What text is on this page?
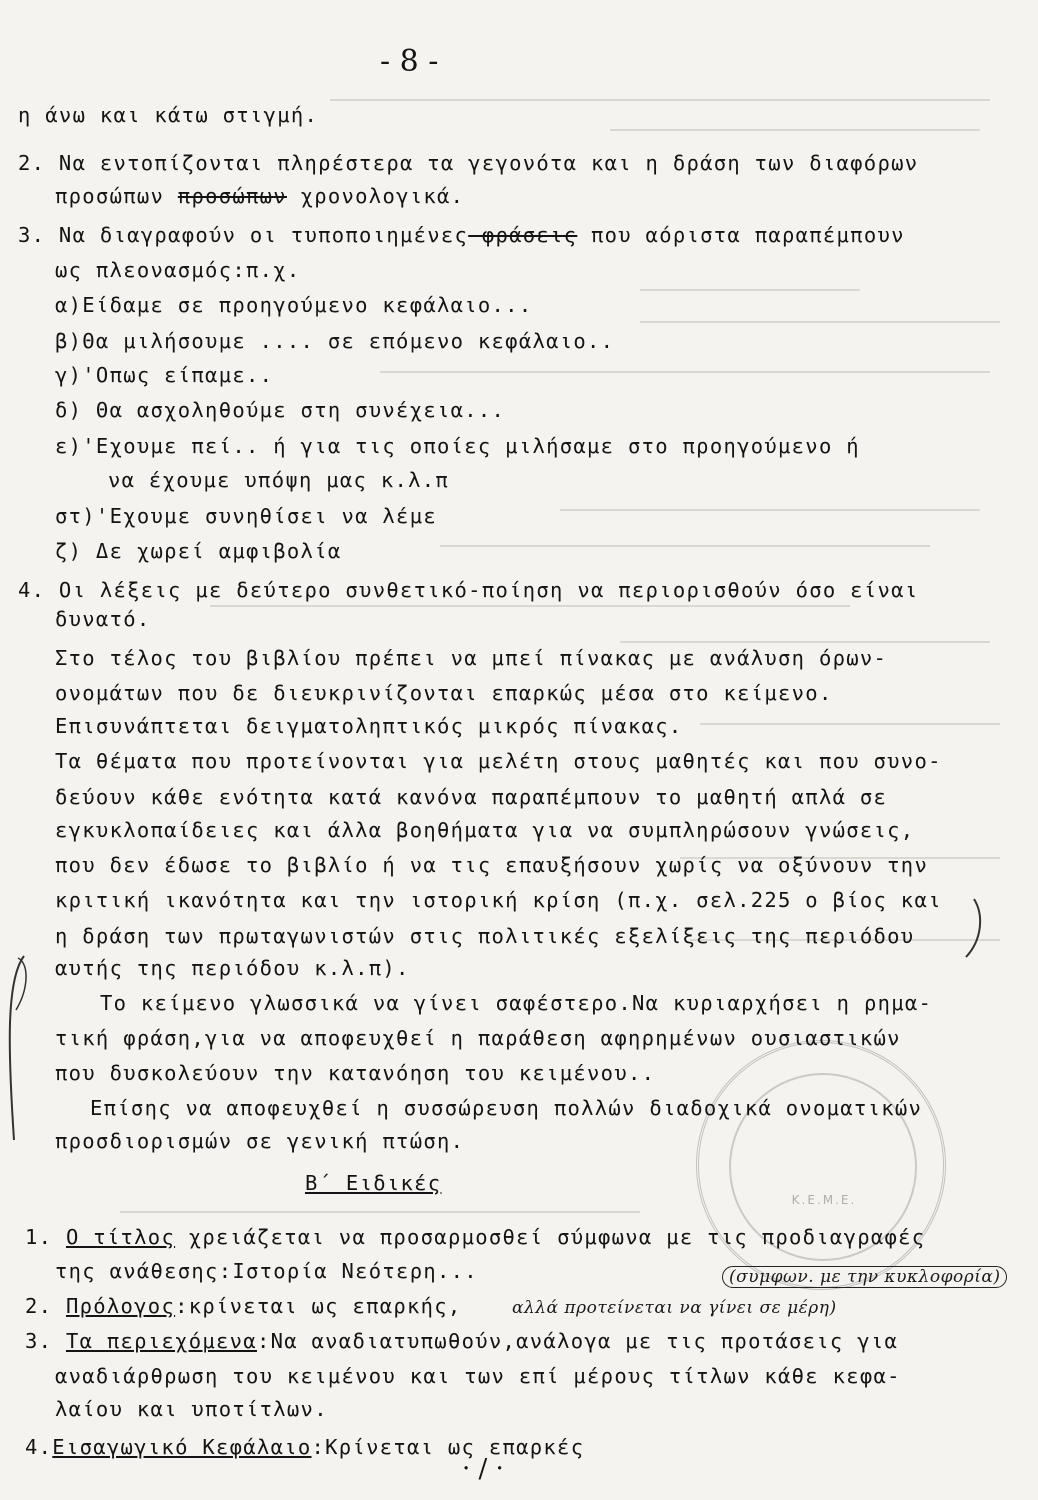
Κ.Ε.Μ.Ε.
- 8 -
η άνω και κάτω στιγμή.
2. Να εντοπίζονται πληρέστερα τα γεγονότα και η δράση των διαφόρων
προσώπων προσώπων χρονολογικά.
3. Να διαγραφούν οι τυποποιημένες-φράσεις που αόριστα παραπέμπουν
ως πλεονασμός:π.χ.
α)Είδαμε σε προηγούμενο κεφάλαιο...
β)Θα μιλήσουμε .... σε επόμενο κεφάλαιο..
γ)'Οπως είπαμε..
δ) Θα ασχοληθούμε στη συνέχεια...
ε)'Εχουμε πεί.. ή για τις οποίες μιλήσαμε στο προηγούμενο ή
να έχουμε υπόψη μας κ.λ.π
στ)'Εχουμε συνηθίσει να λέμε
ζ) Δε χωρεί αμφιβολία
4. Οι λέξεις με δεύτερο συνθετικό-ποίηση να περιορισθούν όσο είναι
δυνατό.
Στο τέλος του βιβλίου πρέπει να μπεί πίνακας με ανάλυση όρων-
ονομάτων που δε διευκρινίζονται επαρκώς μέσα στο κείμενο.
Επισυνάπτεται δειγματοληπτικός μικρός πίνακας.
Τα θέματα που προτείνονται για μελέτη στους μαθητές και που συνο-
δεύουν κάθε ενότητα κατά κανόνα παραπέμπουν το μαθητή απλά σε
εγκυκλοπαίδειες και άλλα βοηθήματα για να συμπληρώσουν γνώσεις,
που δεν έδωσε το βιβλίο ή να τις επαυξήσουν χωρίς να οξύνουν την
κριτική ικανότητα και την ιστορική κρίση (π.χ. σελ.225 ο βίος και
η δράση των πρωταγωνιστών στις πολιτικές εξελίξεις της περιόδου
αυτής της περιόδου κ.λ.π).
Το κείμενο γλωσσικά να γίνει σαφέστερο.Να κυριαρχήσει η ρημα-
τική φράση,για να αποφευχθεί η παράθεση αφηρημένων ουσιαστικών
που δυσκολεύουν την κατανόηση του κειμένου..
Επίσης να αποφευχθεί η συσσώρευση πολλών διαδοχικά ονοματικών
προσδιορισμών σε γενική πτώση.
Β΄ Ειδικές
1. Ο τίτλος χρειάζεται να προσαρμοσθεί σύμφωνα με τις προδιαγραφές
της ανάθεσης:Ιστορία Νεότερη...
2. Πρόλογος:κρίνεται ως επαρκής,
3. Τα περιεχόμενα:Να αναδιατυπωθούν,ανάλογα με τις προτάσεις για
αναδιάρθρωση του κειμένου και των επί μέρους τίτλων κάθε κεφα-
λαίου και υποτίτλων.
4.Εισαγωγικό Κεφάλαιο:Κρίνεται ως επαρκές
(συμφων. με την κυκλοφορία)
αλλά προτείνεται να γίνει σε μέρη)
· / ·
